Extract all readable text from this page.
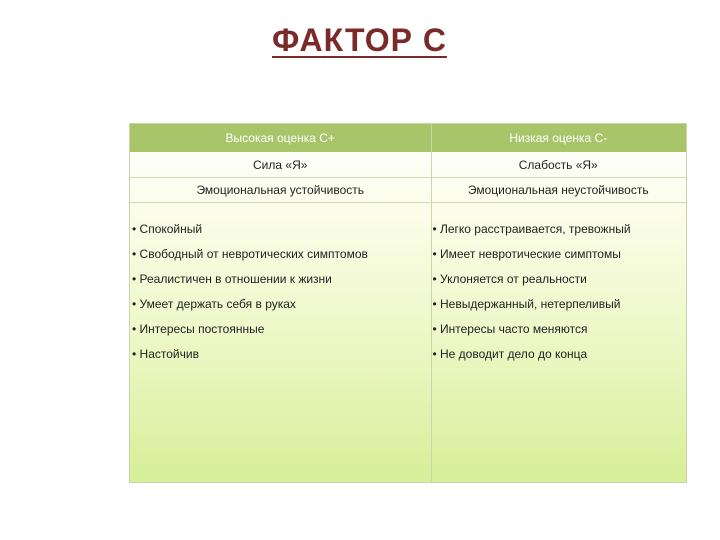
ФАКТОР С
Высокая оценка С+	Низкая оценка С-
Сила «Я»	Слабость «Я»
Эмоциональная устойчивость	Эмоциональная неустойчивость
• Спокойный	• Легко расстраивается, тревожный
• Свободный от невротических симптомов	• Имеет невротические симптомы
• Реалистичен в отношении к жизни	• Уклоняется от реальности
• Умеет держать себя в руках	• Невыдержанный, нетерпеливый
• Интересы постоянные	• Интересы часто меняются
• Настойчив	• Не доводит дело до конца
